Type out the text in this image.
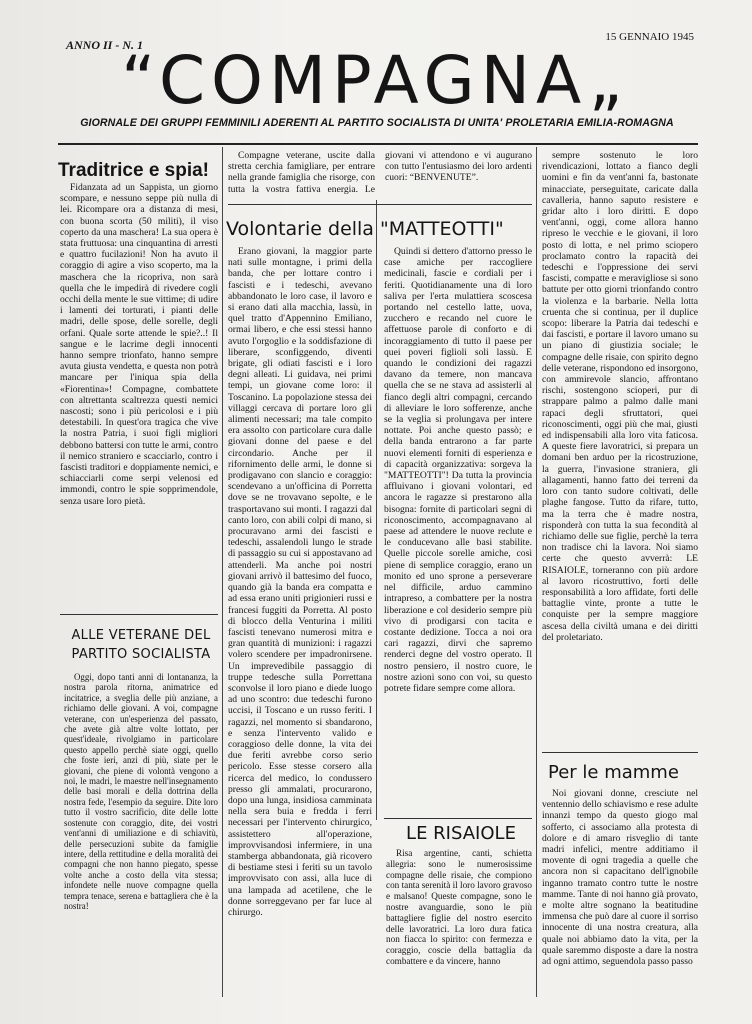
ANNO II - N. 1
15 GENNAIO 1945
“COMPAGNA„
GIORNALE DEI GRUPPI FEMMINILI ADERENTI AL PARTITO SOCIALISTA DI UNITA' PROLETARIA EMILIA-ROMAGNA
Traditrice e spia!

Fidanzata ad un Sappista, un giorno scompare, e nessuno seppe più nulla di lei. Ricompare ora a distanza di mesi, con buona scorta (50 militi), il viso coperto da una maschera! La sua opera è stata fruttuosa: una cinquantina di arresti e quattro fucilazioni! Non ha avuto il coraggio di agire a viso scoperto, ma la maschera che la ricopriva, non sarà quella che le impedirà di rivedere cogli occhi della mente le sue vittime; di udire i lamenti dei torturati, i pianti delle madri, delle spose, delle sorelle, degli orfani. Quale sorte attende le spie?..! Il sangue e le lacrime degli innocenti hanno sempre trionfato, hanno sempre avuta giusta vendetta, e questa non potrà mancare per l'iniqua spia della «Fiorentina»! Compagne, combattete con altrettanta scaltrezza questi nemici nascosti; sono i più pericolosi e i più detestabili. In quest'ora tragica che vive la nostra Patria, i suoi figli migliori debbono battersi con tutte le armi, contro il nemico straniero e scacciarlo, contro i fascisti traditori e doppiamente nemici, e schiacciarli come serpi velenosi ed immondi, contro le spie sopprimendole, senza usare loro pietà.

ALLE VETERANE DEL PARTITO SOCIALISTA

Oggi, dopo tanti anni di lontananza, la nostra parola ritorna, animatrice ed incitatrice, a sveglia delle più anziane, a richiamo delle giovani. A voi, compagne veterane, con un'esperienza del passato, che avete già altre volte lottato, per quest'ideale, rivolgiamo in particolare questo appello perchè siate oggi, quello che foste ieri, anzi di più, siate per le giovani, che piene di volontà vengono a noi, le madri, le maestre nell'insegnamento delle basi morali e della dottrina della nostra fede, l'esempio da seguire. Dite loro tutto il vostro sacrificio, dite delle lotte sostenute con coraggio, dite, dei vostri vent'anni di umiliazione e di schiavitù, delle persecuzioni subite da famiglie intere, della rettitudine e della moralità dei compagni che non hanno piegato, spesse volte anche a costo della vita stessa; infondete nelle nuove compagne quella tempra tenace, serena e battagliera che è la nostra!

Compagne veterane, uscite dalla stretta cerchia famigliare, per entrare nella grande famiglia che risorge, con tutta la vostra fattiva energia. Le giovani vi attendono e vi augurano con tutto l'entusiasmo dei loro ardenti cuori: “BENVENUTE”.

Volontarie della "MATTEOTTI"

Erano giovani, la maggior parte nati sulle montagne, i primi della banda, che per lottare contro i fascisti e i tedeschi, avevano abbandonato le loro case, il lavoro e si erano dati alla macchia, lassù, in quel tratto d'Appennino Emiliano, ormai libero, e che essi stessi hanno avuto l'orgoglio e la soddisfazione di liberare, sconfiggendo, diventi brigate, gli odiati fascisti e i loro degni alleati. Li guidava, nei primi tempi, un giovane come loro: il Toscanino. La popolazione stessa dei villaggi cercava di portare loro gli alimenti necessari; ma tale compito era assolto con particolare cura dalle giovani donne del paese e del circondario. Anche per il rifornimento delle armi, le donne si prodigavano con slancio e coraggio: scendevano a un'officina di Porretta dove se ne trovavano sepolte, e le trasportavano sui monti. I ragazzi dal canto loro, con abili colpi di mano, si procuravano armi dei fascisti e tedeschi, assalendoli lungo le strade di passaggio su cui si appostavano ad attenderli. Ma anche poi nostri giovani arrivò il battesimo del fuoco, quando già la banda era compatta e ad essa erano uniti prigionieri russi e francesi fuggiti da Porretta. Al posto di blocco della Venturina i militi fascisti tenevano numerosi mitra e gran quantità di munizioni: i ragazzi volero scendere per impadronirsene. Un imprevedibile passaggio di truppe tedesche sulla Porrettana sconvolse il loro piano e diede luogo ad uno scontro: due tedeschi furono uccisi, il Toscano e un russo feriti. I ragazzi, nel momento si sbandarono, e senza l'intervento valido e coraggioso delle donne, la vita dei due feriti avrebbe corso serio pericolo. Esse stesse corsero alla ricerca del medico, lo condussero presso gli ammalati, procurarono, dopo una lunga, insidiosa camminata nella sera buia e fredda i ferri necessari per l'intervento chirurgico, assistettero all'operazione, improvvisandosi infermiere, in una stamberga abbandonata, già ricovero di bestiame stesi i feriti su un tavolo improvvisato con assi, alla luce di una lampada ad acetilene, che le donne sorreggevano per far luce al chirurgo.

Quindi si dettero d'attorno presso le case amiche per raccogliere medicinali, fascie e cordiali per i feriti. Quotidianamente una di loro saliva per l'erta mulattiera scoscesa portando nel cestello latte, uova, zucchero e recando nel cuore le affettuose parole di conforto e di incoraggiamento di tutto il paese per quei poveri figlioli soli lassù. E quando le condizioni dei ragazzi davano da temere, non mancava quella che se ne stava ad assisterli al fianco degli altri compagni, cercando di alleviare le loro sofferenze, anche se la veglia si prolungava per intere nottate. Poi anche questo passò; e della banda entrarono a far parte nuovi elementi forniti di esperienza e di capacità organizzativa: sorgeva la "MATTEOTTI"! Da tutta la provincia affluivano i giovani volontari, ed ancora le ragazze si prestarono alla bisogna: fornite di particolari segni di riconoscimento, accompagnavano al paese ad attendere le nuove reclute e le conducevano alle basi stabilite. Quelle piccole sorelle amiche, così piene di semplice coraggio, erano un monito ed uno sprone a perseverare nel difficile, arduo cammino intrapreso, a combattere per la nostra liberazione e col desiderio sempre più vivo di prodigarsi con tacita e costante dedizione. Tocca a noi ora cari ragazzi, dirvi che sapremo renderci degne del vostro operato. Il nostro pensiero, il nostro cuore, le nostre azioni sono con voi, su questo potrete fidare sempre come allora.

LE RISAIOLE

Risa argentine, canti, schietta allegria: sono le numerosissime compagne delle risaie, che compiono con tanta serenità il loro lavoro gravoso e malsano! Queste compagne, sono le nostre avanguardie, sono le più battagliere figlie del nostro esercito delle lavoratrici. La loro dura fatica non fiacca lo spirito: con fermezza e coraggio, coscie della battaglia da combattere e da vincere, hanno

sempre sostenuto le loro rivendicazioni, lottato a fianco degli uomini e fin da vent'anni fa, bastonate minacciate, perseguitate, caricate dalla cavalleria, hanno saputo resistere e gridar alto i loro diritti. E dopo vent'anni, oggi, come allora hanno ripreso le vecchie e le giovani, il loro posto di lotta, e nel primo sciopero proclamato contro la rapacità dei tedeschi e l'oppressione dei servi fascisti, compatte e meravigliose si sono battute per otto giorni trionfando contro la violenza e la barbarie. Nella lotta cruenta che si continua, per il duplice scopo: liberare la Patria dai tedeschi e dai fascisti, e portare il lavoro umano su un piano di giustizia sociale; le compagne delle risaie, con spirito degno delle veterane, rispondono ed insorgono, con ammirevole slancio, affrontano rischi, sostengono scioperi, pur di strappare palmo a palmo dalle mani rapaci degli sfruttatori, quei riconoscimenti, oggi più che mai, giusti ed indispensabili alla loro vita faticosa. A queste fiere lavoratrici, si prepara un domani ben arduo per la ricostruzione, la guerra, l'invasione straniera, gli allagamenti, hanno fatto dei terreni da loro con tanto sudore coltivati, delle plaghe fangose. Tutto da rifare, tutto, ma la terra che è madre nostra, risponderà con tutta la sua fecondità al richiamo delle sue figlie, perchè la terra non tradisce chi la lavora. Noi siamo certe che questo avverrà: LE RISAIOLE, torneranno con più ardore al lavoro ricostruttivo, forti delle responsabilità a loro affidate, forti delle battaglie vinte, pronte a tutte le conquiste per la sempre maggiore ascesa della civiltà umana e dei diritti del proletariato.

Per le mamme

Noi giovani donne, cresciute nel ventennio dello schiavismo e rese adulte innanzi tempo da questo giogo mal sofferto, ci associamo alla protesta di dolore e di amaro risveglio di tante madri infelici, mentre additiamo il movente di ogni tragedia a quelle che ancora non si capacitano dell'ignobile inganno tramato contro tutte le nostre mamme. Tante di noi hanno già provato, e molte altre sognano la beatitudine immensa che può dare al cuore il sorriso innocente di una nostra creatura, alla quale noi abbiamo dato la vita, per la quale saremmo disposte a dare la nostra ad ogni attimo, seguendola passo passo
